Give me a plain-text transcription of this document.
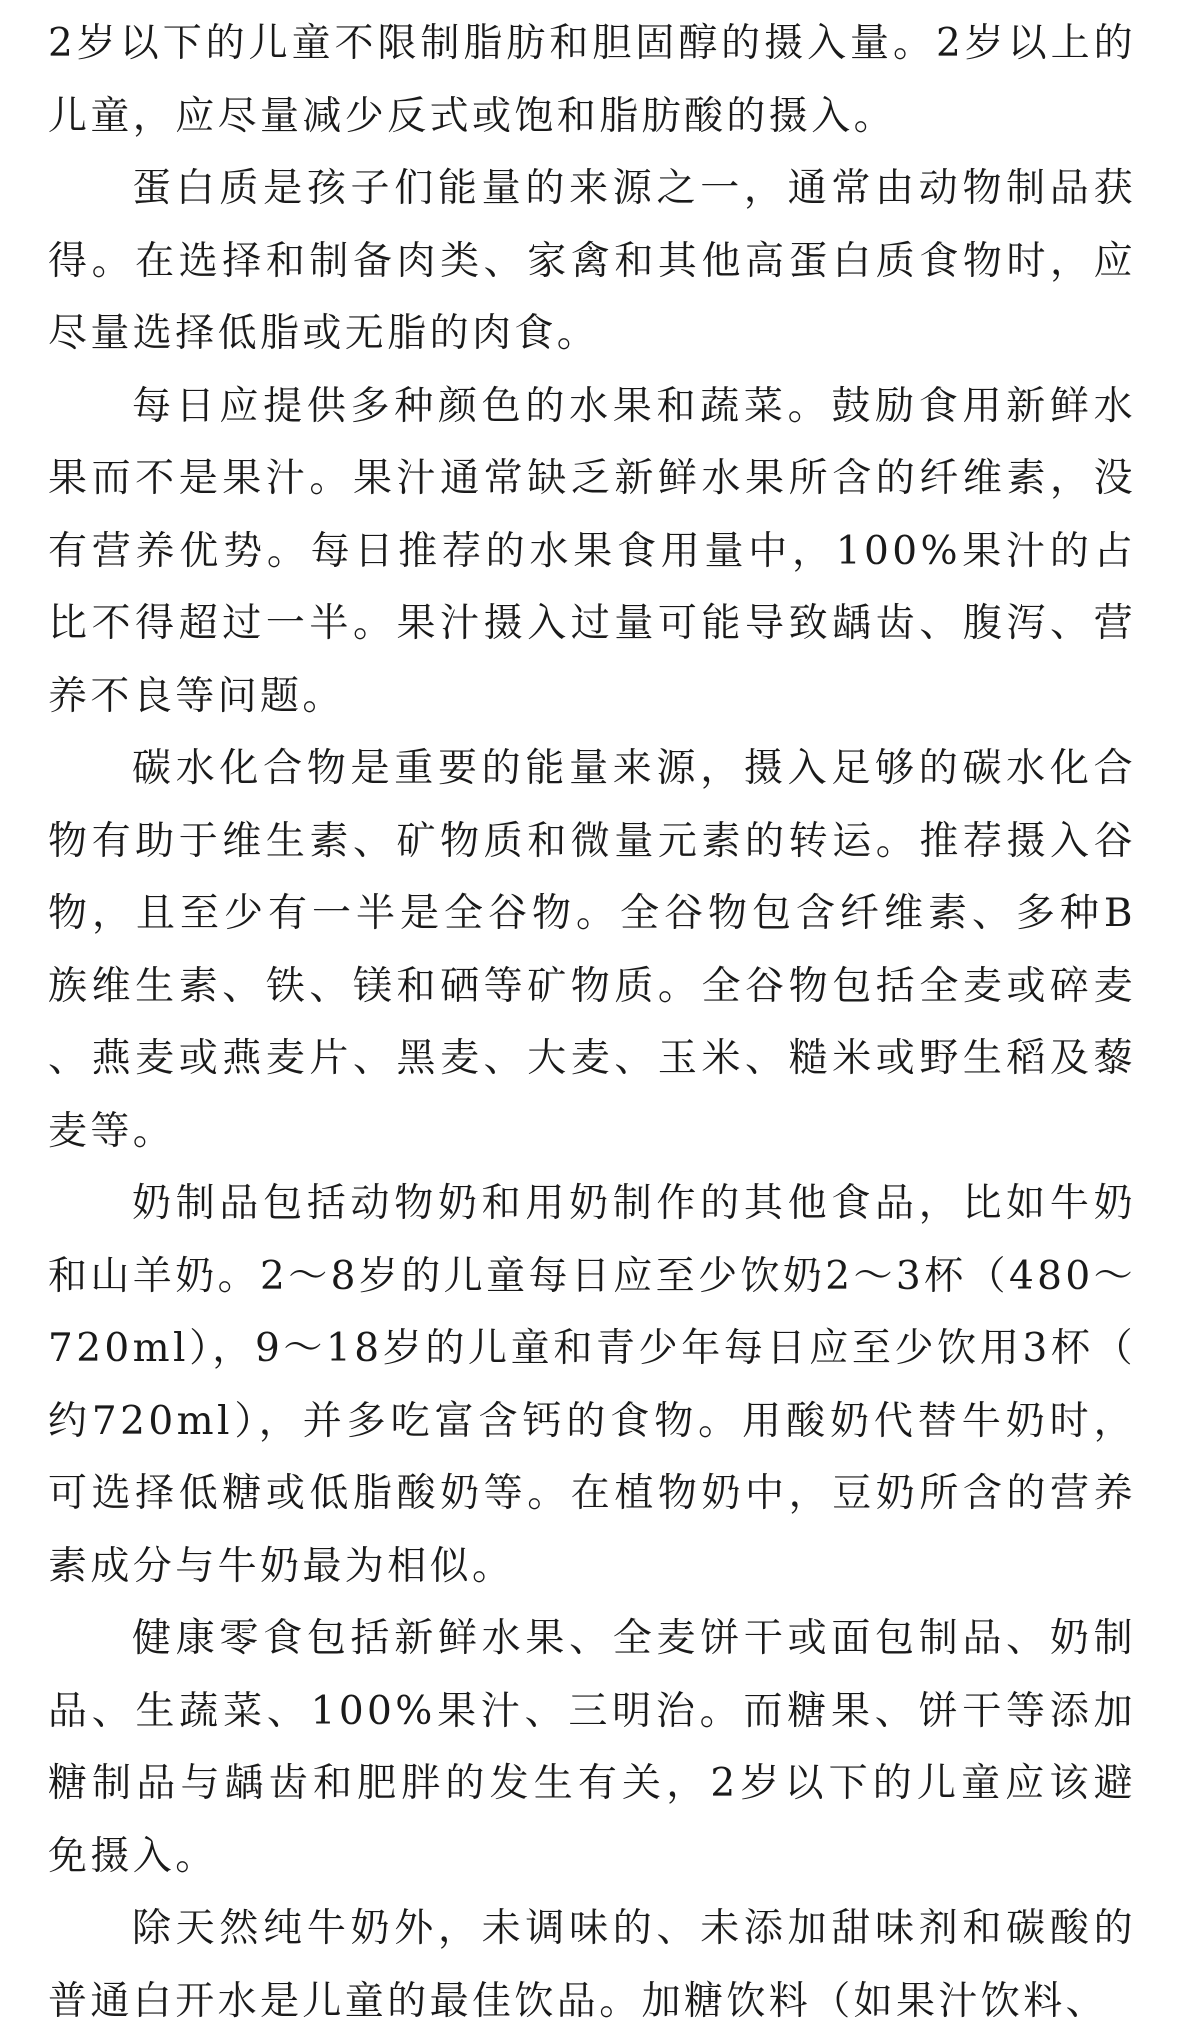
2岁以下的儿童不限制脂肪和胆固醇的摄入量。2岁以上的儿童，应尽量减少反式或饱和脂肪酸的摄入。

蛋白质是孩子们能量的来源之一，通常由动物制品获得。在选择和制备肉类、家禽和其他高蛋白质食物时，应尽量选择低脂或无脂的肉食。

每日应提供多种颜色的水果和蔬菜。鼓励食用新鲜水果而不是果汁。果汁通常缺乏新鲜水果所含的纤维素，没有营养优势。每日推荐的水果食用量中，100%果汁的占比不得超过一半。果汁摄入过量可能导致龋齿、腹泻、营养不良等问题。

碳水化合物是重要的能量来源，摄入足够的碳水化合物有助于维生素、矿物质和微量元素的转运。推荐摄入谷物，且至少有一半是全谷物。全谷物包含纤维素、多种B族维生素、铁、镁和硒等矿物质。全谷物包括全麦或碎麦、燕麦或燕麦片、黑麦、大麦、玉米、糙米或野生稻及藜麦等。

奶制品包括动物奶和用奶制作的其他食品，比如牛奶和山羊奶。2～8岁的儿童每日应至少饮奶2～3杯（480～720ml），9～18岁的儿童和青少年每日应至少饮用3杯（约720ml），并多吃富含钙的食物。用酸奶代替牛奶时，可选择低糖或低脂酸奶等。在植物奶中，豆奶所含的营养素成分与牛奶最为相似。

健康零食包括新鲜水果、全麦饼干或面包制品、奶制品、生蔬菜、100%果汁、三明治。而糖果、饼干等添加糖制品与龋齿和肥胖的发生有关，2岁以下的儿童应该避免摄入。

除天然纯牛奶外，未调味的、未添加甜味剂和碳酸的普通白开水是儿童的最佳饮品。加糖饮料（如果汁饮料、
